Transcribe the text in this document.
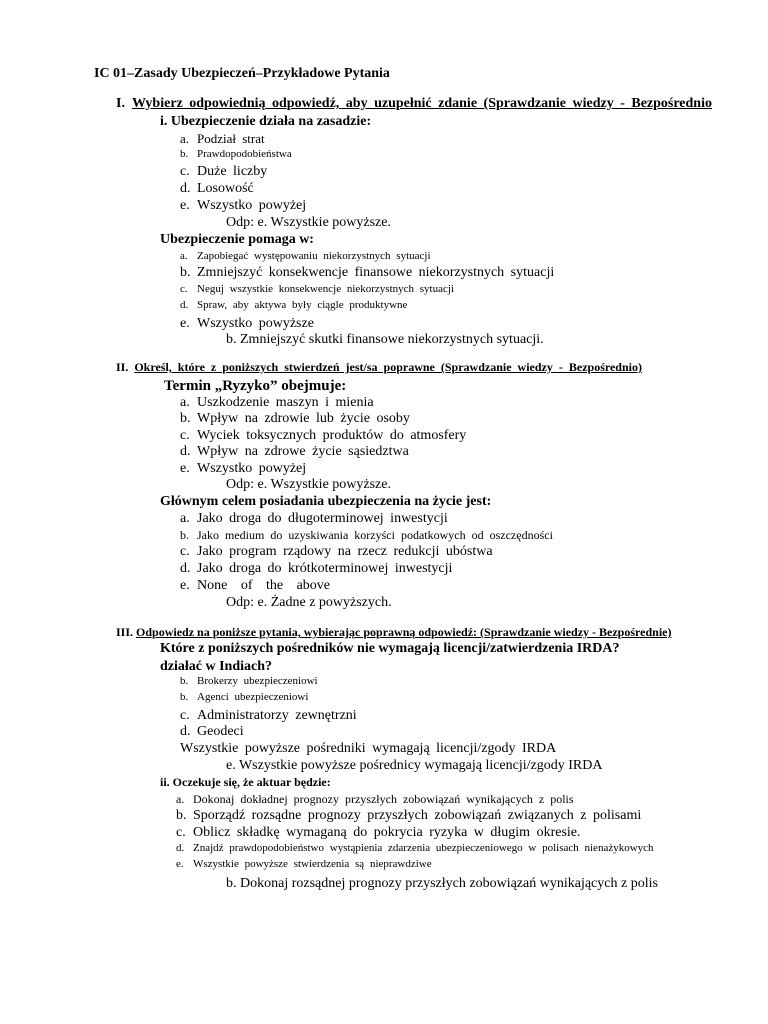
IC 01–Zasady Ubezpieczeń–Przykładowe Pytania
I. Wybierz odpowiednią odpowiedź, aby uzupełnić zdanie (Sprawdzanie wiedzy - Bezpośrednio
i. Ubezpieczenie działa na zasadzie:
a. Podział strat
b. Prawdopodobieństwa
c. Duże liczby
d. Losowość
e. Wszystko powyżej
Odp: e. Wszystkie powyższe.
Ubezpieczenie pomaga w:
a. Zapobiegać występowaniu niekorzystnych sytuacji
b. Zmniejszyć konsekwencje finansowe niekorzystnych sytuacji
c. Neguj wszystkie konsekwencje niekorzystnych sytuacji
d. Spraw, aby aktywa były ciągle produktywne
e. Wszystko powyższe
b. Zmniejszyć skutki finansowe niekorzystnych sytuacji.
II. Określ, które z poniższych stwierdzeń jest/sa poprawne (Sprawdzanie wiedzy - Bezpośrednio)
Termin „Ryzyko” obejmuje:
a. Uszkodzenie maszyn i mienia
b. Wpływ na zdrowie lub życie osoby
c. Wyciek toksycznych produktów do atmosfery
d. Wpływ na zdrowe życie sąsiedztwa
e. Wszystko powyżej
Odp: e. Wszystkie powyższe.
Głównym celem posiadania ubezpieczenia na życie jest:
a. Jako droga do długoterminowej inwestycji
b. Jako medium do uzyskiwania korzyści podatkowych od oszczędności
c. Jako program rządowy na rzecz redukcji ubóstwa
d. Jako droga do krótkoterminowej inwestycji
e. None of the above
Odp: e. Żadne z powyższych.
III. Odpowiedz na poniższe pytania, wybierając poprawną odpowiedź: (Sprawdzanie wiedzy - Bezpośrednie)
Które z poniższych pośredników nie wymagają licencji/zatwierdzenia IRDA?
działać w Indiach?
b. Brokerzy ubezpieczeniowi
b. Agenci ubezpieczeniowi
c. Administratorzy zewnętrzni
d. Geodeci
Wszystkie powyższe pośredniki wymagają licencji/zgody IRDA
e. Wszystkie powyższe pośrednicy wymagają licencji/zgody IRDA
ii. Oczekuje się, że aktuar będzie:
a. Dokonaj dokładnej prognozy przyszłych zobowiązań wynikających z polis
b. Sporządź rozsądne prognozy przyszłych zobowiązań związanych z polisami
c. Oblicz składkę wymaganą do pokrycia ryzyka w długim okresie.
d. Znajdź prawdopodobieństwo wystąpienia zdarzenia ubezpieczeniowego w polisach nienażykowych
e. Wszystkie powyższe stwierdzenia są nieprawdziwe
b. Dokonaj rozsądnej prognozy przyszłych zobowiązań wynikających z polis
